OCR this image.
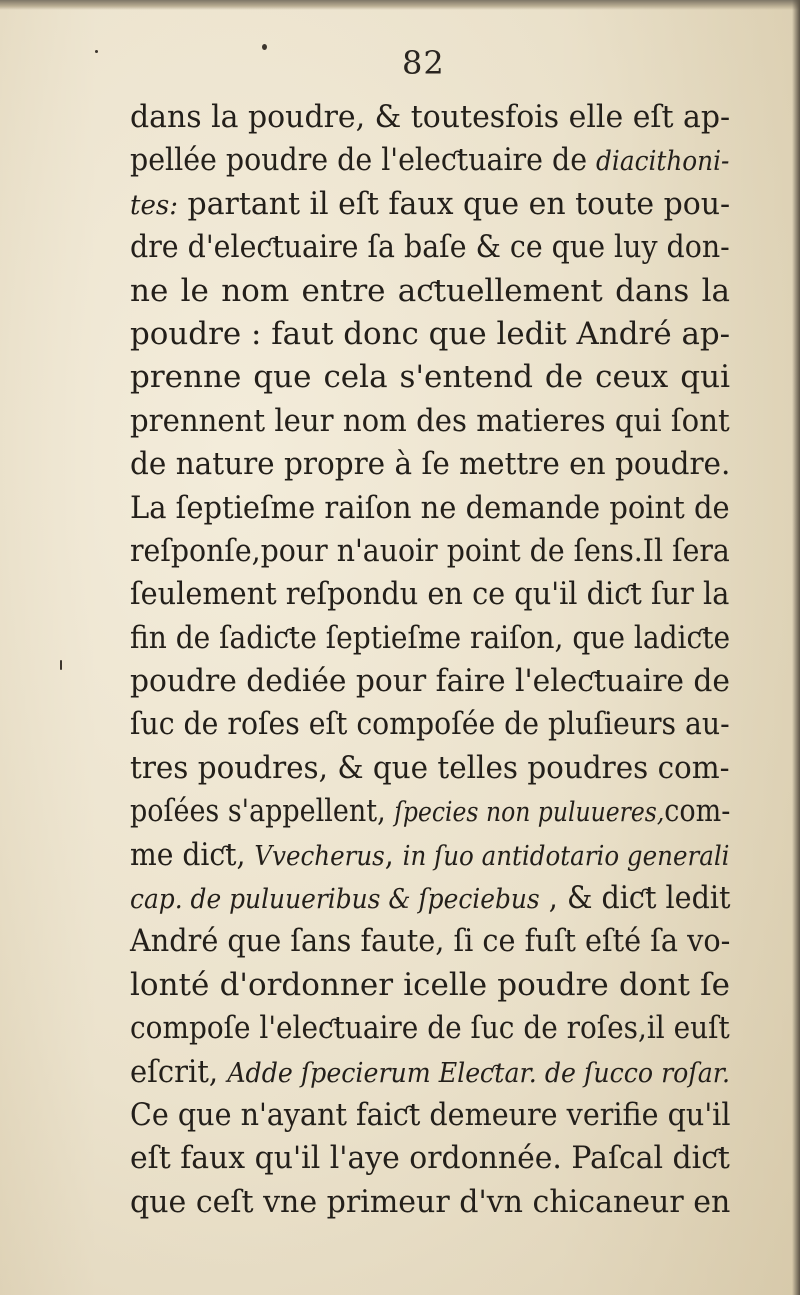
82
dans la poudre, & toutesfois elle eſt ap-
pellée poudre de l'eleƈtuaire de diacithoni-
tes: partant il eſt faux que en toute pou-
dre d'eleƈtuaire ſa baſe & ce que luy don-
ne le nom entre aƈtuellement dans la
poudre : faut donc que ledit André ap-
prenne que cela s'entend de ceux qui
prennent leur nom des matieres qui ſont
de nature propre à ſe mettre en poudre.
La ſeptieſme raiſon ne demande point de
reſponſe,pour n'auoir point de ſens.Il ſera
ſeulement reſpondu en ce qu'il diƈt ſur la
fin de ſadiƈte ſeptieſme raiſon, que ladiƈte
poudre dediée pour faire l'eleƈtuaire de
ſuc de roſes eſt compoſée de pluſieurs au-
tres poudres, & que telles poudres com-
poſées s'appellent, ſpecies non puluueres,com-
me diƈt, Vvecherus, in ſuo antidotario generali
cap. de puluueribus & ſpeciebus , & diƈt ledit
André que ſans faute, ſi ce fuſt eſté ſa vo-
lonté d'ordonner icelle poudre dont ſe
compoſe l'eleƈtuaire de ſuc de roſes,il euſt
eſcrit, Adde ſpecierum Eleƈtar. de ſucco roſar.
Ce que n'ayant faiƈt demeure verifie qu'il
eſt faux qu'il l'aye ordonnée. Paſcal diƈt
que ceſt vne primeur d'vn chicaneur en
